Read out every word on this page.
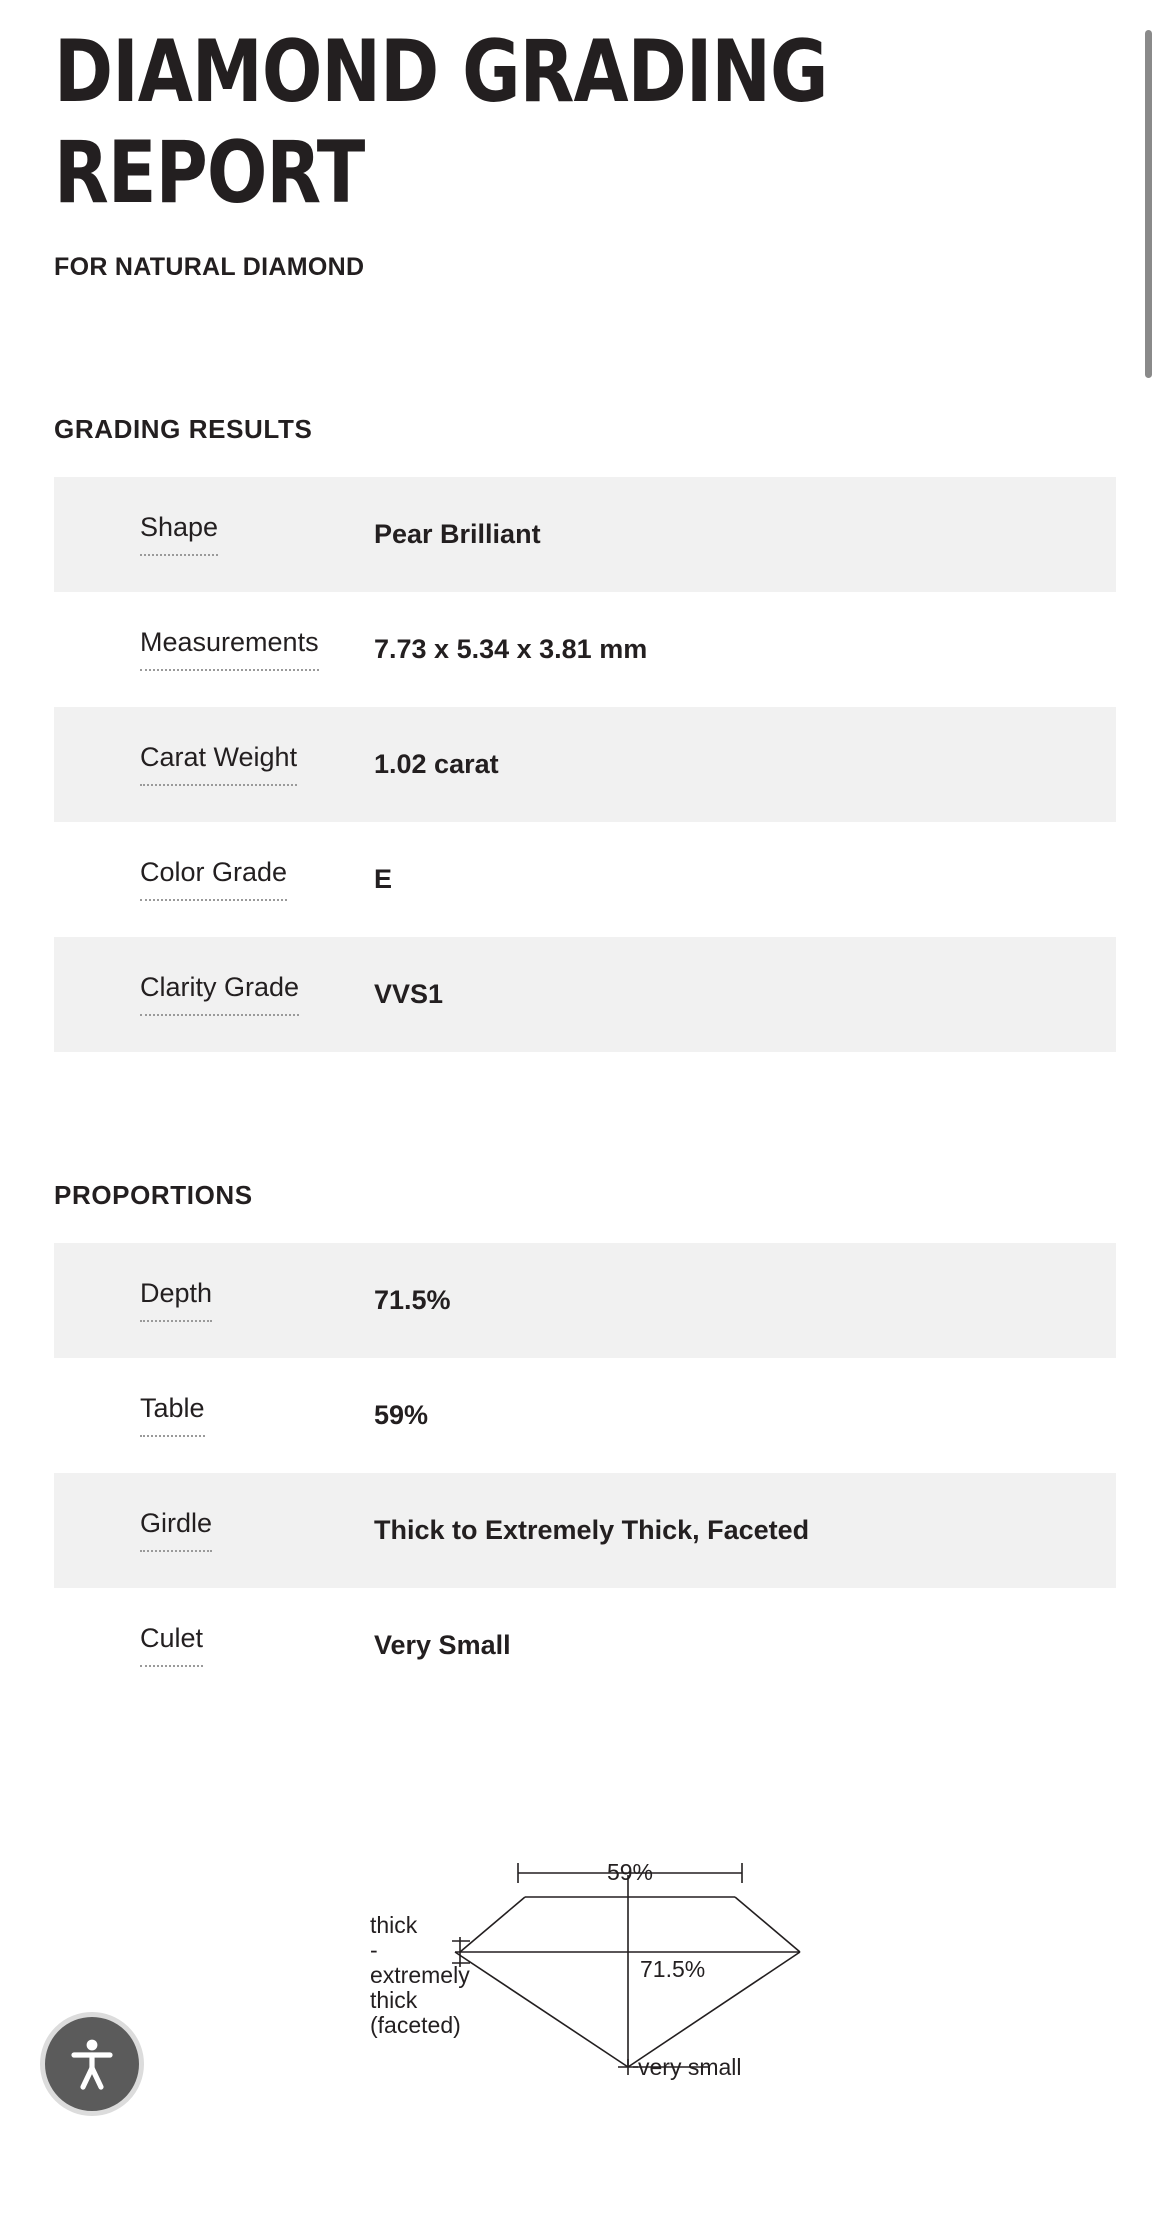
DIAMOND GRADING REPORT
FOR NATURAL DIAMOND
GRADING RESULTS
Shape	Pear Brilliant
Measurements	7.73 x 5.34 x 3.81 mm
Carat Weight	1.02 carat
Color Grade	E
Clarity Grade	VVS1
PROPORTIONS
Depth	71.5%
Table	59%
Girdle	Thick to Extremely Thick, Faceted
Culet	Very Small
59%
71.5%
thick
-
extremely
thick
(faceted)
very small
